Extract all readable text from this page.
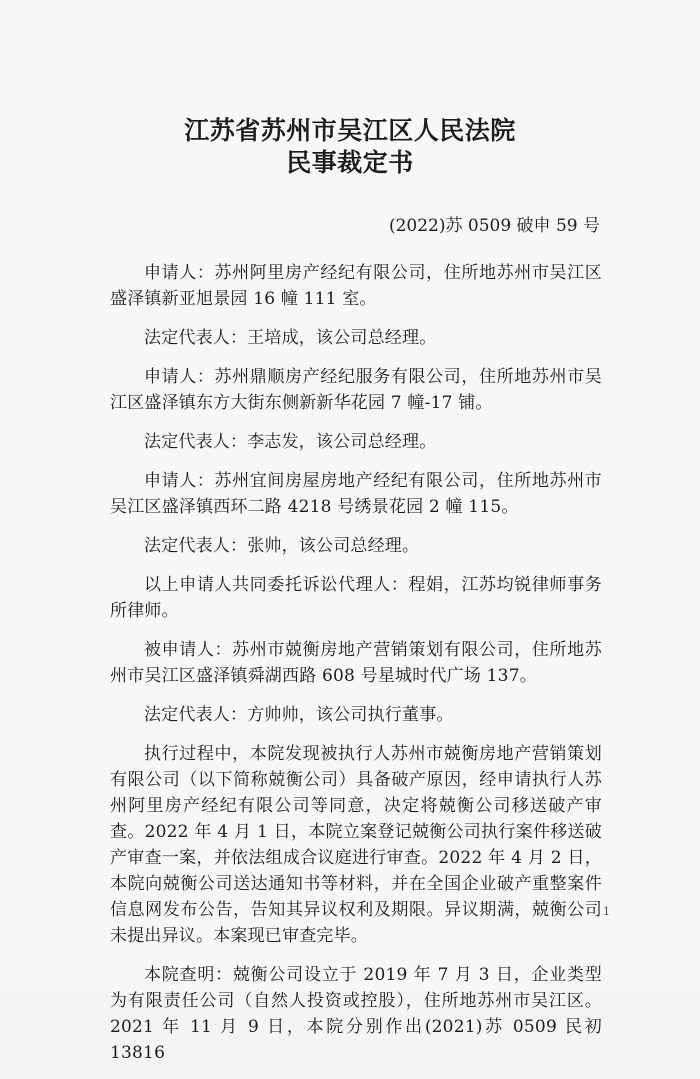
江苏省苏州市吴江区人民法院
民事裁定书
(2022)苏 0509 破申 59 号

申请人：苏州阿里房产经纪有限公司，住所地苏州市吴江区盛泽镇新亚旭景园 16 幢 111 室。

法定代表人：王培成，该公司总经理。

申请人：苏州鼎顺房产经纪服务有限公司，住所地苏州市吴江区盛泽镇东方大街东侧新新华花园 7 幢-17 铺。

法定代表人：李志发，该公司总经理。

申请人：苏州宜间房屋房地产经纪有限公司，住所地苏州市吴江区盛泽镇西环二路 4218 号绣景花园 2 幢 115。

法定代表人：张帅，该公司总经理。

以上申请人共同委托诉讼代理人：程娟，江苏均锐律师事务所律师。

被申请人：苏州市兢衡房地产营销策划有限公司，住所地苏州市吴江区盛泽镇舜湖西路 608 号星城时代广场 137。

法定代表人：方帅帅，该公司执行董事。

执行过程中，本院发现被执行人苏州市兢衡房地产营销策划有限公司（以下简称兢衡公司）具备破产原因，经申请执行人苏州阿里房产经纪有限公司等同意，决定将兢衡公司移送破产审查。2022 年 4 月 1 日，本院立案登记兢衡公司执行案件移送破产审查一案，并依法组成合议庭进行审查。2022 年 4 月 2 日，本院向兢衡公司送达通知书等材料，并在全国企业破产重整案件信息网发布公告，告知其异议权利及期限。异议期满，兢衡公司未提出异议。本案现已审查完毕。

本院查明：兢衡公司设立于 2019 年 7 月 3 日，企业类型为有限责任公司（自然人投资或控股），住所地苏州市吴江区。2021 年 11 月 9 日，本院分别作出(2021)苏 0509 民初 13816

1
